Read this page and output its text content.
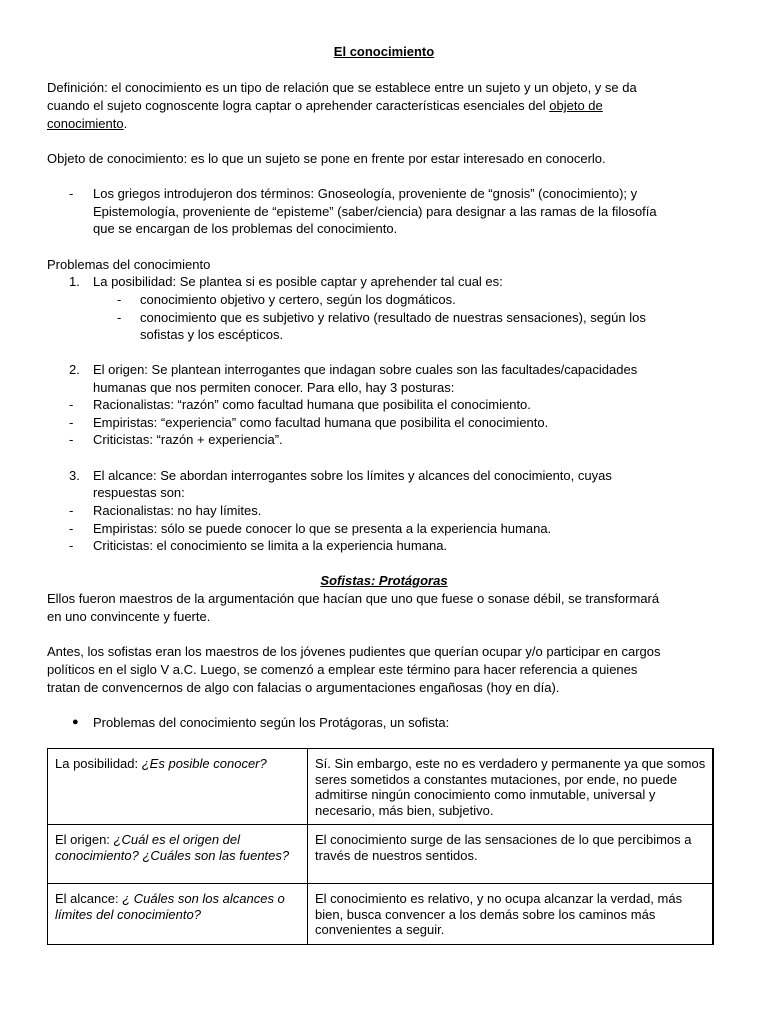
El conocimiento
Definición: el conocimiento es un tipo de relación que se establece entre un sujeto y un objeto, y se da
cuando el sujeto cognoscente logra captar o aprehender características esenciales del objeto de
conocimiento.
Objeto de conocimiento: es lo que un sujeto se pone en frente por estar interesado en conocerlo.
- Los griegos introdujeron dos términos: Gnoseología, proveniente de “gnosis” (conocimiento); y
Epistemología, proveniente de “episteme” (saber/ciencia) para designar a las ramas de la filosofía
que se encargan de los problemas del conocimiento.
Problemas del conocimiento
1. La posibilidad: Se plantea si es posible captar y aprehender tal cual es:
- conocimiento objetivo y certero, según los dogmáticos.
- conocimiento que es subjetivo y relativo (resultado de nuestras sensaciones), según los
sofistas y los escépticos.
2. El origen: Se plantean interrogantes que indagan sobre cuales son las facultades/capacidades
humanas que nos permiten conocer. Para ello, hay 3 posturas:
- Racionalistas: “razón” como facultad humana que posibilita el conocimiento.
- Empiristas: “experiencia” como facultad humana que posibilita el conocimiento.
- Criticistas: “razón + experiencia”.
3. El alcance: Se abordan interrogantes sobre los límites y alcances del conocimiento, cuyas
respuestas son:
- Racionalistas: no hay límites.
- Empiristas: sólo se puede conocer lo que se presenta a la experiencia humana.
- Criticistas: el conocimiento se limita a la experiencia humana.
Sofistas: Protágoras
Ellos fueron maestros de la argumentación que hacían que uno que fuese o sonase débil, se transformará
en uno convincente y fuerte.
Antes, los sofistas eran los maestros de los jóvenes pudientes que querían ocupar y/o participar en cargos
políticos en el siglo V a.C. Luego, se comenzó a emplear este término para hacer referencia a quienes
tratan de convencernos de algo con falacias o argumentaciones engañosas (hoy en día).
● Problemas del conocimiento según los Protágoras, un sofista:
La posibilidad: ¿Es posible conocer?	Sí. Sin embargo, este no es verdadero y permanente ya que somos seres sometidos a constantes mutaciones, por ende, no puede admitirse ningún conocimiento como inmutable, universal y necesario, más bien, subjetivo.
El origen: ¿Cuál es el origen del conocimiento? ¿Cuáles son las fuentes?	El conocimiento surge de las sensaciones de lo que percibimos a través de nuestros sentidos.
El alcance: ¿ Cuáles son los alcances o límites del conocimiento?	El conocimiento es relativo, y no ocupa alcanzar la verdad, más bien, busca convencer a los demás sobre los caminos más convenientes a seguir.
